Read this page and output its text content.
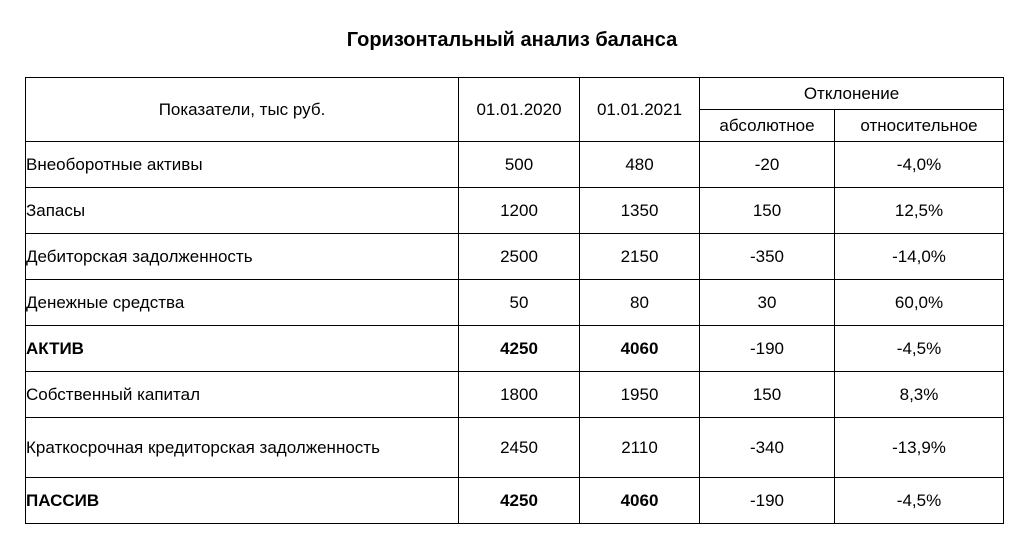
Горизонтальный анализ баланса
Показатели, тыс руб.	01.01.2020	01.01.2021	Отклонение	
			абсолютное	относительное
Внеоборотные активы	500	480	-20	-4,0%
Запасы	1200	1350	150	12,5%
Дебиторская задолженность	2500	2150	-350	-14,0%
Денежные средства	50	80	30	60,0%
АКТИВ	4250	4060	-190	-4,5%
Собственный капитал	1800	1950	150	8,3%
Краткосрочная кредиторская задолженность	2450	2110	-340	-13,9%
ПАССИВ	4250	4060	-190	-4,5%
